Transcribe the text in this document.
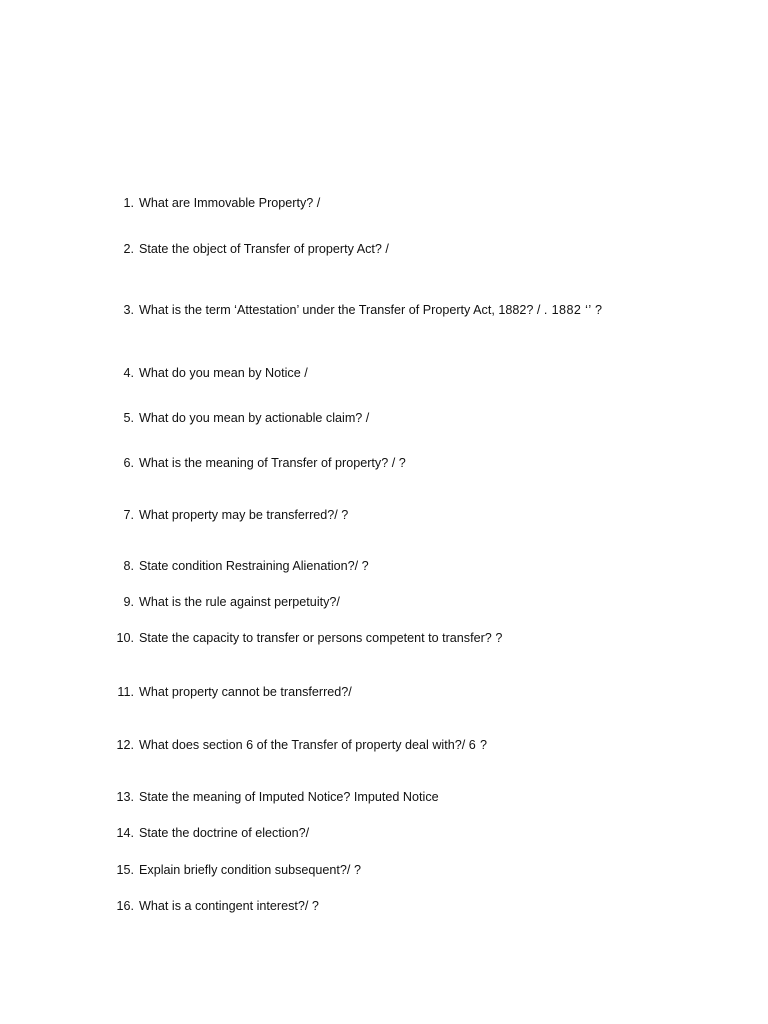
1. What are Immovable Property? /
2. State the object of Transfer of property Act? /
3. What is the term ‘Attestation’ under the Transfer of Property Act, 1882? / . 1882 ‘’ ?
4. What do you mean by Notice /
5. What do you mean by actionable claim? /
6. What is the meaning of Transfer of property? / ?
7. What property may be transferred?/ ?
8. State condition Restraining Alienation?/ ?
9. What is the rule against perpetuity?/
10. State the capacity to transfer or persons competent to transfer? ?
11. What property cannot be transferred?/
12. What does section 6 of the Transfer of property deal with?/ 6 ?
13. State the meaning of Imputed Notice? Imputed Notice
14. State the doctrine of election?/
15. Explain briefly condition subsequent?/ ?
16. What is a contingent interest?/ ?
